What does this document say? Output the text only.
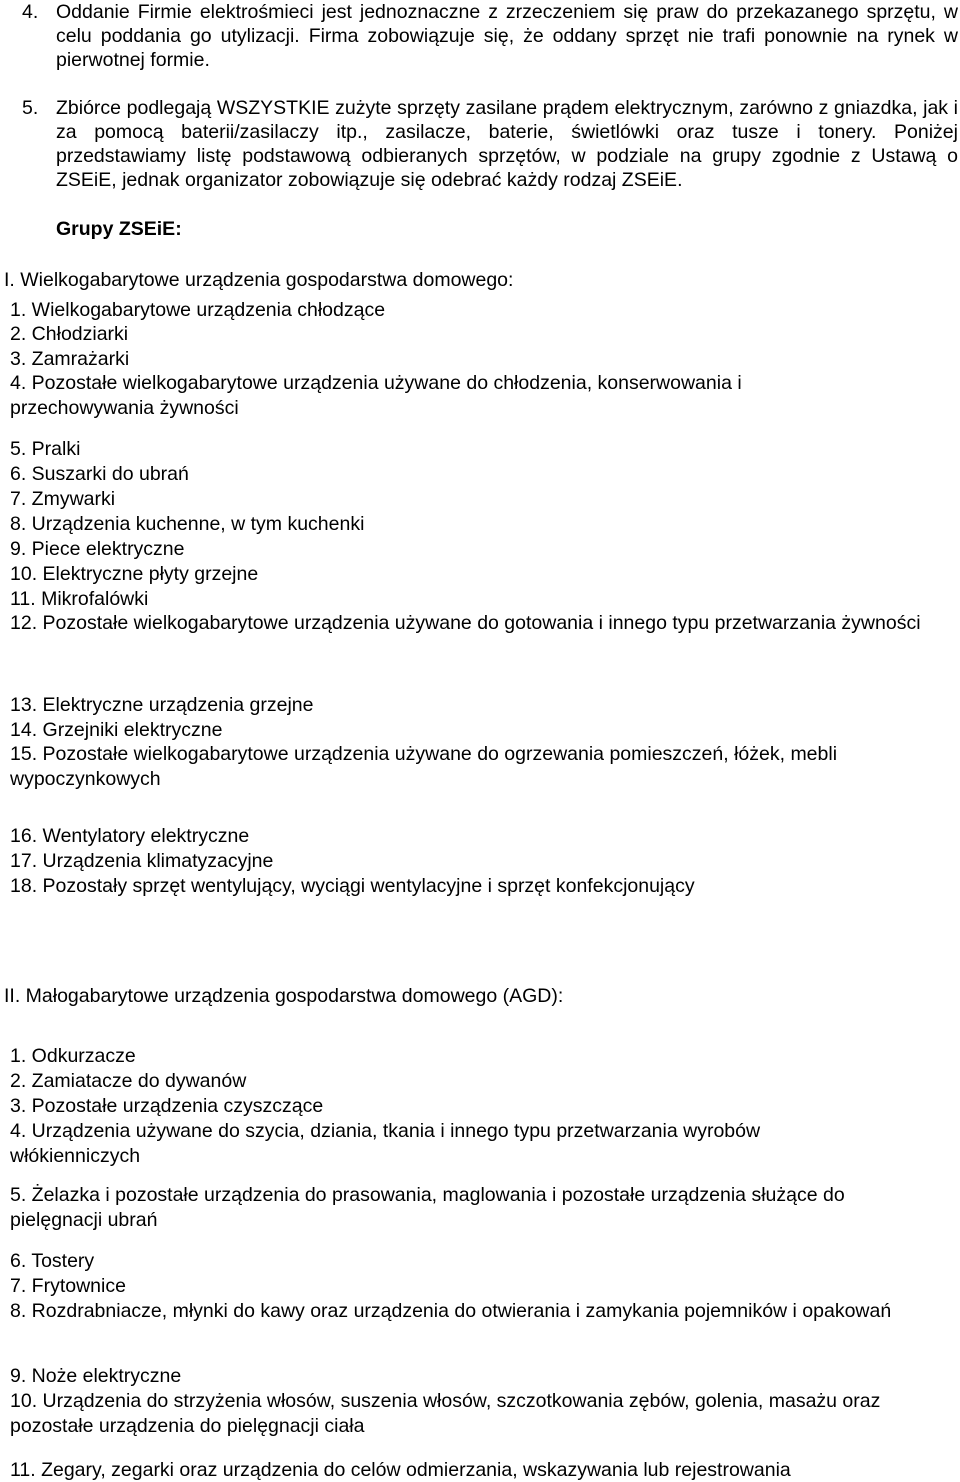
4. Oddanie Firmie elektrośmieci jest jednoznaczne z zrzeczeniem się praw do przekazanego sprzętu, w celu poddania go utylizacji. Firma zobowiązuje się, że oddany sprzęt nie trafi ponownie na rynek w pierwotnej formie.
5. Zbiórce podlegają WSZYSTKIE zużyte sprzęty zasilane prądem elektrycznym, zarówno z gniazdka, jak i za pomocą baterii/zasilaczy itp., zasilacze, baterie, świetlówki oraz tusze i tonery. Poniżej przedstawiamy listę podstawową odbieranych sprzętów, w podziale na grupy zgodnie z Ustawą o ZSEiE, jednak organizator zobowiązuje się odebrać każdy rodzaj ZSEiE.
Grupy ZSEiE:
I. Wielkogabarytowe urządzenia gospodarstwa domowego:
1. Wielkogabarytowe urządzenia chłodzące
2. Chłodziarki
3. Zamrażarki
4. Pozostałe wielkogabarytowe urządzenia używane do chłodzenia, konserwowania i przechowywania żywności
5. Pralki
6. Suszarki do ubrań
7. Zmywarki
8. Urządzenia kuchenne, w tym kuchenki
9. Piece elektryczne
10. Elektryczne płyty grzejne
11. Mikrofalówki
12. Pozostałe wielkogabarytowe urządzenia używane do gotowania i innego typu przetwarzania żywności
13. Elektryczne urządzenia grzejne
14. Grzejniki elektryczne
15. Pozostałe wielkogabarytowe urządzenia używane do ogrzewania pomieszczeń, łóżek, mebli wypoczynkowych
16. Wentylatory elektryczne
17. Urządzenia klimatyzacyjne
18. Pozostały sprzęt wentylujący, wyciągi wentylacyjne i sprzęt konfekcjonujący
II. Małogabarytowe urządzenia gospodarstwa domowego (AGD):
1. Odkurzacze
2. Zamiatacze do dywanów
3. Pozostałe urządzenia czyszczące
4. Urządzenia używane do szycia, dziania, tkania i innego typu przetwarzania wyrobów włókienniczych
5. Żelazka i pozostałe urządzenia do prasowania, maglowania i pozostałe urządzenia służące do pielęgnacji ubrań
6. Tostery
7. Frytownice
8. Rozdrabniacze, młynki do kawy oraz urządzenia do otwierania i zamykania pojemników i opakowań
9. Noże elektryczne
10. Urządzenia do strzyżenia włosów, suszenia włosów, szczotkowania zębów, golenia, masażu oraz pozostałe urządzenia do pielęgnacji ciała
11. Zegary, zegarki oraz urządzenia do celów odmierzania, wskazywania lub rejestrowania
